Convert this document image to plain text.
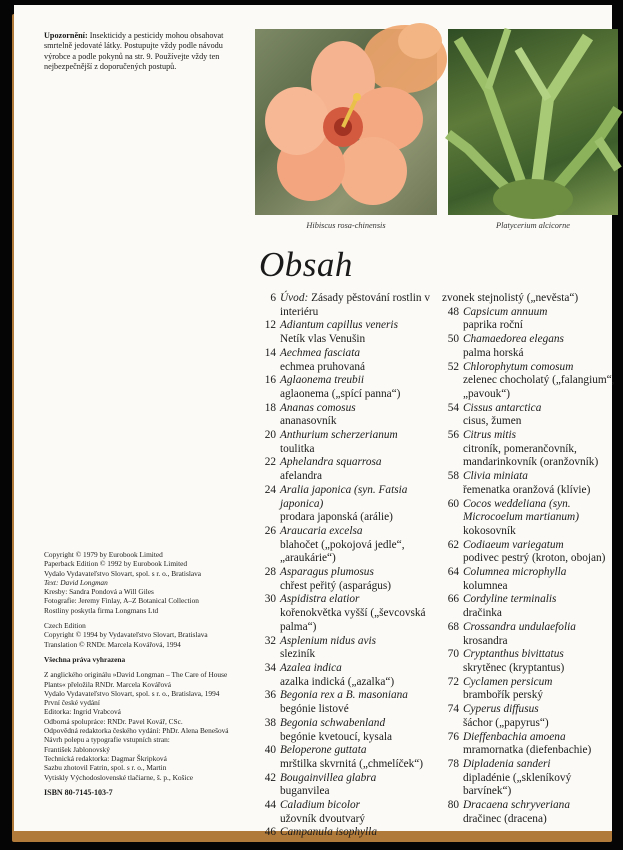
Upozornění: Insekticidy a pesticidy mohou obsahovat smrtelně jedovaté látky. Postupujte vždy podle návodu výrobce a podle pokynů na str. 9. Používejte vždy ten nejbezpečnější z doporučených postupů.
Hibiscus rosa-chinensis	Platycerium alcicorne
Obsah
6 Úvod: Zásady pěstování rostlin v interiéru
12 Adiantum capillus veneris
Netík vlas Venušin
14 Aechmea fasciata
echmea pruhovaná
16 Aglaonema treubii
aglaonema („spící panna“)
18 Ananas comosus
ananasovník
20 Anthurium scherzerianum
toulitka
22 Aphelandra squarrosa
afelandra
24 Aralia japonica (syn. Fatsia japonica)
prodara japonská (arálie)
26 Araucaria excelsa
blahočet („pokojová jedle“, „araukárie“)
28 Asparagus plumosus
chřest peřitý (asparágus)
30 Aspidistra elatior
kořenokvětka vyšší („ševcovská palma“)
32 Asplenium nidus avis
sleziník
34 Azalea indica
azalka indická („azalka“)
36 Begonia rex a B. masoniana
begónie listové
38 Begonia schwabenland
begónie kvetoucí, kysala
40 Beloperone guttata
mrštilka skvrnitá („chmelíček“)
42 Bougainvillea glabra
buganvilea
44 Caladium bicolor
užovník dvoutvarý
46 Campanula isophylla
zvonek stejnolistý („nevěsta“)
48 Capsicum annuum
paprika roční
50 Chamaedorea elegans
palma horská
52 Chlorophytum comosum
zelenec chocholatý („falangium“, „pavouk“)
54 Cissus antarctica
cisus, žumen
56 Citrus mitis
citroník, pomerančovník, mandarinkovník (oranžovník)
58 Clivia miniata
řemenatka oranžová (klívie)
60 Cocos weddeliana (syn. Microcoelum martianum)
kokosovník
62 Codiaeum variegatum
podivec pestrý (kroton, obojan)
64 Columnea microphylla
kolumnea
66 Cordyline terminalis
dračinka
68 Crossandra undulaefolia
krosandra
70 Cryptanthus bivittatus
skrytěnec (kryptantus)
72 Cyclamen persicum
brambořík perský
74 Cyperus diffusus
šáchor („papyrus“)
76 Dieffenbachia amoena
mramornatka (diefenbachie)
78 Dipladenia sanderi
dipladénie („skleníkový barvínek“)
80 Dracaena schryveriana
dračinec (dracena)
Copyright © 1979 by Eurobook Limited
Paperback Edition © 1992 by Eurobook Limited
Vydalo Vydavateľstvo Slovart, spol. s r. o., Bratislava
Text: David Longman
Kresby: Sandra Pondová a Will Giles
Fotografie: Jeremy Finlay, A–Z Botanical Collection
Rostliny poskytla firma Longmans Ltd
Czech Edition
Copyright © 1994 by Vydavateľstvo Slovart, Bratislava
Translation © RNDr. Marcela Kovářová, 1994
Všechna práva vyhrazena
Z anglického originálu »David Longman – The Care of House
Plants« přeložila RNDr. Marcela Kovářová
Vydalo Vydavateľstvo Slovart, spol. s r. o., Bratislava, 1994
První české vydání
Editorka: Ingrid Vrabcová
Odborná spolupráce: RNDr. Pavel Kovář, CSc.
Odpovědná redaktorka českého vydání: PhDr. Alena Benešová
Návrh polepu a typografie vstupních stran:
František Jablonovský
Technická redaktorka: Dagmar Škripková
Sazbu zhotovil Fatrin, spol. s r. o., Martin
Vytiskly Východoslovenské tlačiarne, š. p., Košice
ISBN 80-7145-103-7
